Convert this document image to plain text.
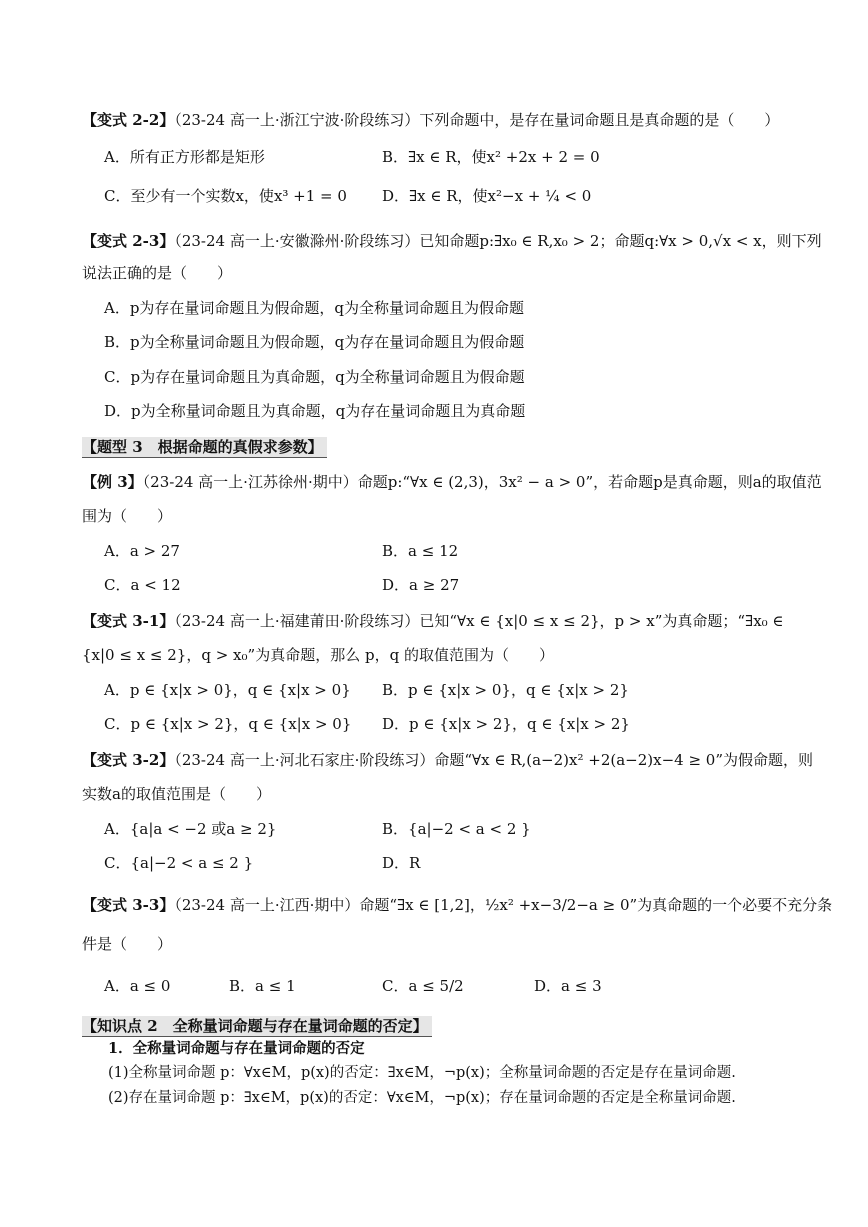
【变式 2-2】（23-24 高一上·浙江宁波·阶段练习）下列命题中，是存在量词命题且是真命题的是（　　）
A．所有正方形都是矩形	B．∃x ∈ R，使x² +2x + 2 = 0
C．至少有一个实数x，使x³ +1 = 0 D．∃x ∈ R，使x²−x + ¼ < 0
【变式 2-3】（23-24 高一上·安徽滁州·阶段练习）已知命题p:∃x₀ ∈ R,x₀ > 2；命题q:∀x > 0,√x < x，则下列
说法正确的是（　　）
A．p为存在量词命题且为假命题，q为全称量词命题且为假命题
B．p为全称量词命题且为假命题，q为存在量词命题且为假命题
C．p为存在量词命题且为真命题，q为全称量词命题且为假命题
D．p为全称量词命题且为真命题，q为存在量词命题且为真命题
【题型 3　根据命题的真假求参数】
【例 3】（23-24 高一上·江苏徐州·期中）命题p:“∀x ∈ (2,3)，3x² − a > 0”，若命题p是真命题，则a的取值范
围为（　　）
A．a > 27	B．a ≤ 12
C．a < 12	D．a ≥ 27
【变式 3-1】（23-24 高一上·福建莆田·阶段练习）已知“∀x ∈ {x|0 ≤ x ≤ 2}，p > x”为真命题；“∃x₀ ∈
{x|0 ≤ x ≤ 2}，q > x₀”为真命题，那么 p，q 的取值范围为（　　）
A．p ∈ {x|x > 0}，q ∈ {x|x > 0} B．p ∈ {x|x > 0}，q ∈ {x|x > 2}
C．p ∈ {x|x > 2}，q ∈ {x|x > 0} D．p ∈ {x|x > 2}，q ∈ {x|x > 2}
【变式 3-2】（23-24 高一上·河北石家庄·阶段练习）命题“∀x ∈ R,(a−2)x² +2(a−2)x−4 ≥ 0”为假命题，则
实数a的取值范围是（　　）
A．{a|a < −2 或a ≥ 2}	B．{a|−2 < a < 2 }
C．{a|−2 < a ≤ 2 }	D．R
【变式 3-3】（23-24 高一上·江西·期中）命题“∃x ∈ [1,2]，½x² +x−3/2−a ≥ 0”为真命题的一个必要不充分条
件是（　　）
A．a ≤ 0	B．a ≤ 1	C．a ≤ 5/2	D．a ≤ 3
【知识点 2　全称量词命题与存在量词命题的否定】
1．全称量词命题与存在量词命题的否定
(1)全称量词命题 p：∀x∈M，p(x)的否定：∃x∈M，¬p(x)；全称量词命题的否定是存在量词命题.
(2)存在量词命题 p：∃x∈M，p(x)的否定：∀x∈M，¬p(x)；存在量词命题的否定是全称量词命题.
